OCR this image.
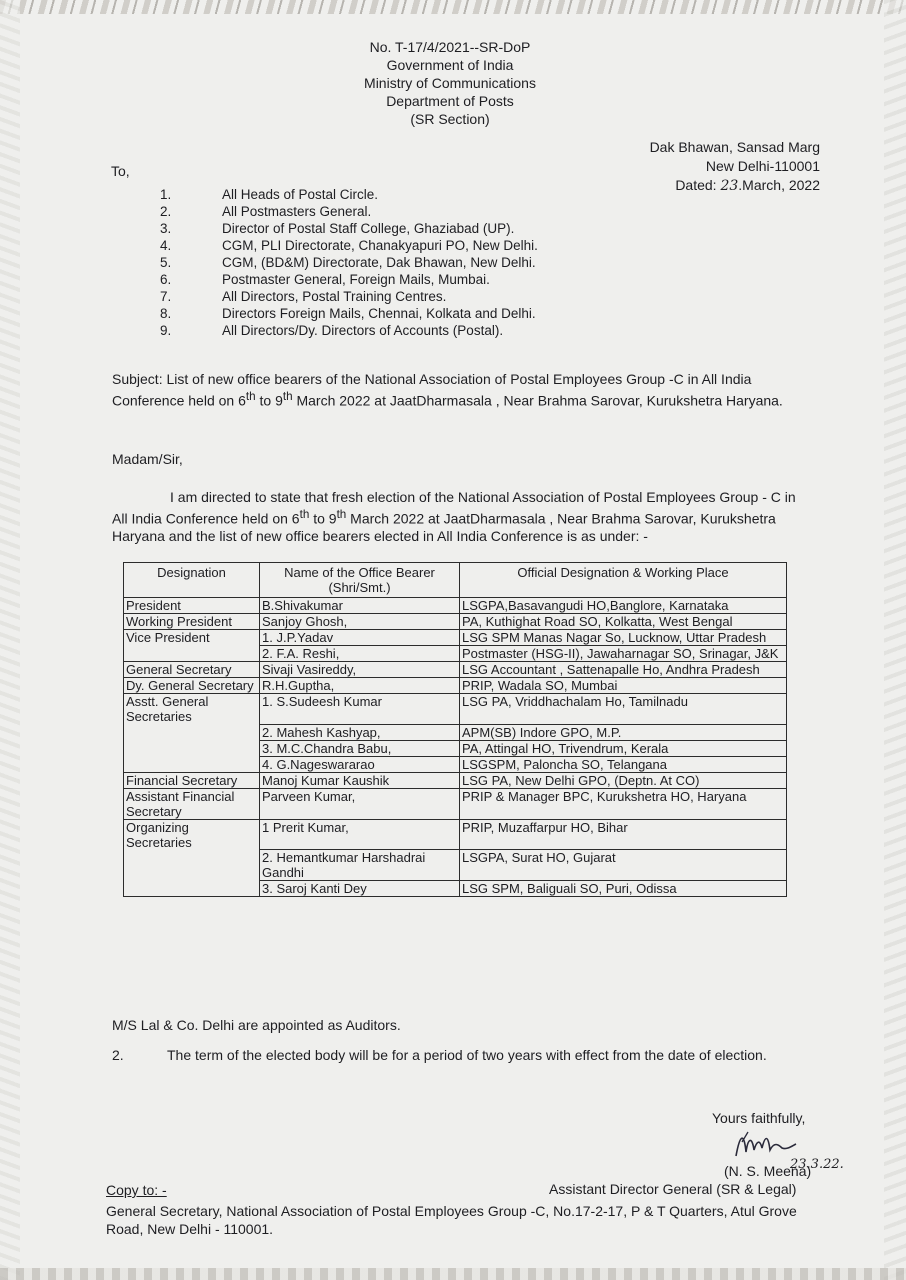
No. T-17/4/2021--SR-DoP
Government of India
Ministry of Communications
Department of Posts
(SR Section)
Dak Bhawan, Sansad Marg
New Delhi-110001
Dated: 23.March, 2022
To,
1.	All Heads of Postal Circle.
2.	All Postmasters General.
3.	Director of Postal Staff College, Ghaziabad (UP).
4.	CGM, PLI Directorate, Chanakyapuri PO, New Delhi.
5.	CGM, (BD&M) Directorate, Dak Bhawan, New Delhi.
6.	Postmaster General, Foreign Mails, Mumbai.
7.	All Directors, Postal Training Centres.
8.	Directors Foreign Mails, Chennai, Kolkata and Delhi.
9.	All Directors/Dy. Directors of Accounts (Postal).
Subject: List of new office bearers of the National Association of Postal Employees Group -C in All India Conference held on 6th to 9th March 2022 at JaatDharmasala , Near Brahma Sarovar, Kurukshetra Haryana.
Madam/Sir,
I am directed to state that fresh election of the National Association of Postal Employees Group - C in All India Conference held on 6th to 9th March 2022 at JaatDharmasala , Near Brahma Sarovar, Kurukshetra Haryana and the list of new office bearers elected in All India Conference is as under: -
Designation	Name of the Office Bearer (Shri/Smt.)	Official Designation & Working Place
President	B.Shivakumar	LSGPA,Basavangudi HO,Banglore, Karnataka
Working President	Sanjoy Ghosh,	PA, Kuthighat Road SO, Kolkatta, West Bengal
Vice President	1. J.P.Yadav	LSG SPM Manas Nagar So, Lucknow, Uttar Pradesh
	2. F.A. Reshi,	Postmaster (HSG-II), Jawaharnagar SO, Srinagar, J&K
General Secretary	Sivaji Vasireddy,	LSG Accountant , Sattenapalle Ho, Andhra Pradesh
Dy. General Secretary	R.H.Guptha,	PRIP, Wadala SO, Mumbai
Asstt. General Secretaries	1. S.Sudeesh Kumar	LSG PA, Vriddhachalam Ho, Tamilnadu
	2. Mahesh Kashyap,	APM(SB) Indore GPO, M.P.
	3. M.C.Chandra Babu,	PA, Attingal HO, Trivendrum, Kerala
	4. G.Nageswararao	LSGSPM, Paloncha SO, Telangana
Financial Secretary	Manoj Kumar Kaushik	LSG PA, New Delhi GPO, (Deptn. At CO)
Assistant Financial Secretary	Parveen Kumar,	PRIP & Manager BPC, Kurukshetra HO, Haryana
Organizing Secretaries	1 Prerit Kumar,	PRIP, Muzaffarpur HO, Bihar
	2. Hemantkumar Harshadrai Gandhi	LSGPA, Surat HO, Gujarat
	3. Saroj Kanti Dey	LSG SPM, Baliguali SO, Puri, Odissa
M/S Lal & Co. Delhi are appointed as Auditors.
2.	The term of the elected body will be for a period of two years with effect from the date of election.
Yours faithfully,
(N. S. Meena)
23.3.22.
Assistant Director General (SR & Legal)
Copy to: -
General Secretary, National Association of Postal Employees Group -C, No.17-2-17, P & T Quarters, Atul Grove Road, New Delhi - 110001.
